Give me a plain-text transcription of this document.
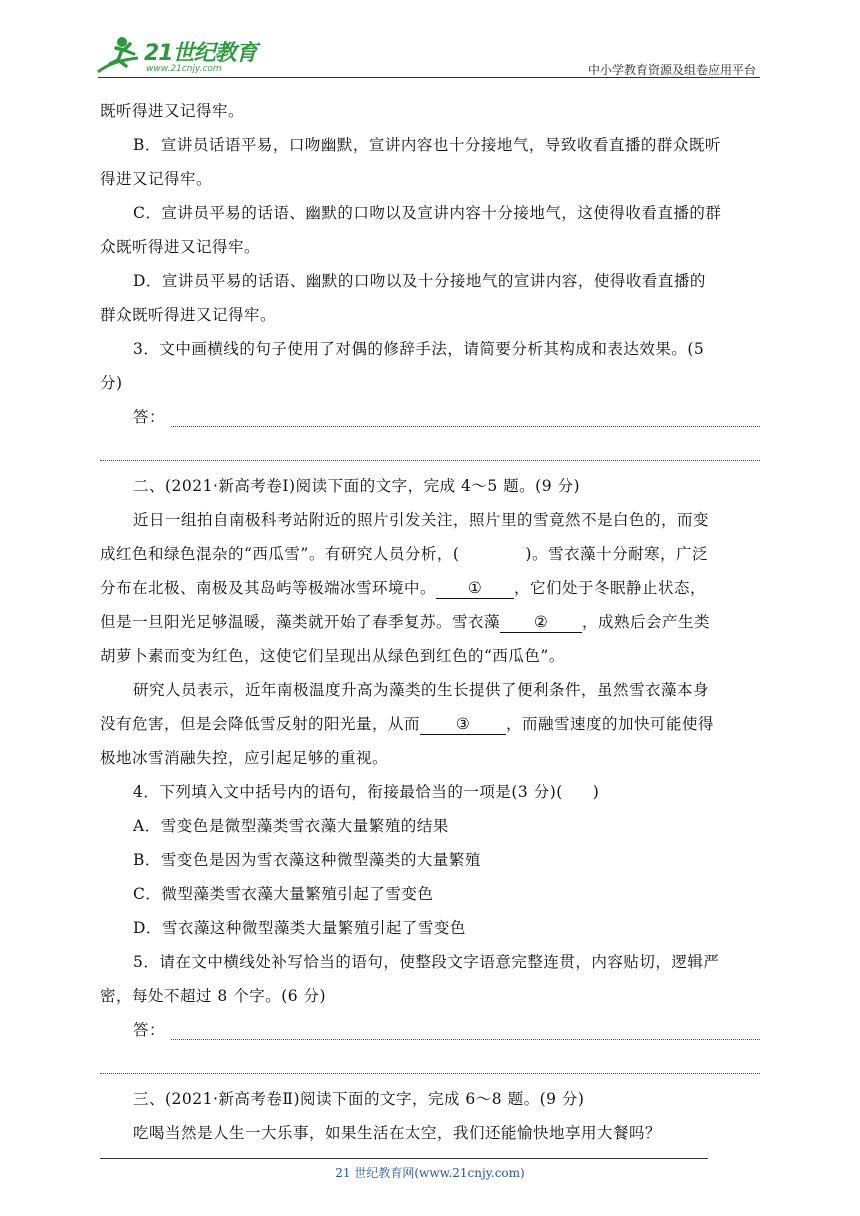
21世纪教育
www.21cnjy.com	中小学教育资源及组卷应用平台
既听得进又记得牢。
B．宣讲员话语平易，口吻幽默，宣讲内容也十分接地气，导致收看直播的群众既听
得进又记得牢。
C．宣讲员平易的话语、幽默的口吻以及宣讲内容十分接地气，这使得收看直播的群
众既听得进又记得牢。
D．宣讲员平易的话语、幽默的口吻以及十分接地气的宣讲内容，使得收看直播的
群众既听得进又记得牢。
3．文中画横线的句子使用了对偶的修辞手法，请简要分析其构成和表达效果。(5
分)
答：
二、(2021·新高考卷Ⅰ)阅读下面的文字，完成 4～5 题。(9 分)
近日一组拍自南极科考站附近的照片引发关注，照片里的雪竟然不是白色的，而变
成红色和绿色混杂的“西瓜雪”。有研究人员分析，(	)。雪衣藻十分耐寒，广泛
分布在北极、南极及其岛屿等极端冰雪环境中。 ① ，它们处于冬眠静止状态，
但是一旦阳光足够温暖，藻类就开始了春季复苏。雪衣藻 ② ，成熟后会产生类
胡萝卜素而变为红色，这使它们呈现出从绿色到红色的“西瓜色”。
研究人员表示，近年南极温度升高为藻类的生长提供了便利条件，虽然雪衣藻本身
没有危害，但是会降低雪反射的阳光量，从而 ③ ，而融雪速度的加快可能使得
极地冰雪消融失控，应引起足够的重视。
4．下列填入文中括号内的语句，衔接最恰当的一项是(3 分)( )
A．雪变色是微型藻类雪衣藻大量繁殖的结果
B．雪变色是因为雪衣藻这种微型藻类的大量繁殖
C．微型藻类雪衣藻大量繁殖引起了雪变色
D．雪衣藻这种微型藻类大量繁殖引起了雪变色
5．请在文中横线处补写恰当的语句，使整段文字语意完整连贯，内容贴切，逻辑严
密，每处不超过 8 个字。(6 分)
答：
三、(2021·新高考卷Ⅱ)阅读下面的文字，完成 6～8 题。(9 分)
吃喝当然是人生一大乐事，如果生活在太空，我们还能愉快地享用大餐吗？
21 世纪教育网(www.21cnjy.com)
